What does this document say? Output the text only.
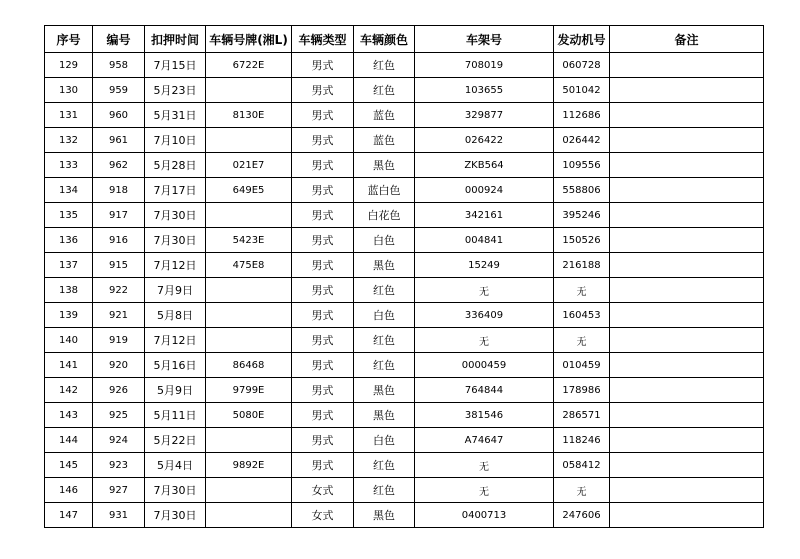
序号	编号	扣押时间	车辆号牌(湘L)	车辆类型	车辆颜色	车架号	发动机号	备注
129	958	7月15日	6722E	男式	红色	708019	060728	
130	959	5月23日		男式	红色	103655	501042	
131	960	5月31日	8130E	男式	蓝色	329877	112686	
132	961	7月10日		男式	蓝色	026422	026442	
133	962	5月28日	021E7	男式	黑色	ZKB564	109556	
134	918	7月17日	649E5	男式	蓝白色	000924	558806	
135	917	7月30日		男式	白花色	342161	395246	
136	916	7月30日	5423E	男式	白色	004841	150526	
137	915	7月12日	475E8	男式	黑色	15249	216188	
138	922	7月9日		男式	红色	无	无	
139	921	5月8日		男式	白色	336409	160453	
140	919	7月12日		男式	红色	无	无	
141	920	5月16日	86468	男式	红色	0000459	010459	
142	926	5月9日	9799E	男式	黑色	764844	178986	
143	925	5月11日	5080E	男式	黑色	381546	286571	
144	924	5月22日		男式	白色	A74647	118246	
145	923	5月4日	9892E	男式	红色	无	058412	
146	927	7月30日		女式	红色	无	无	
147	931	7月30日		女式	黑色	0400713	247606	
